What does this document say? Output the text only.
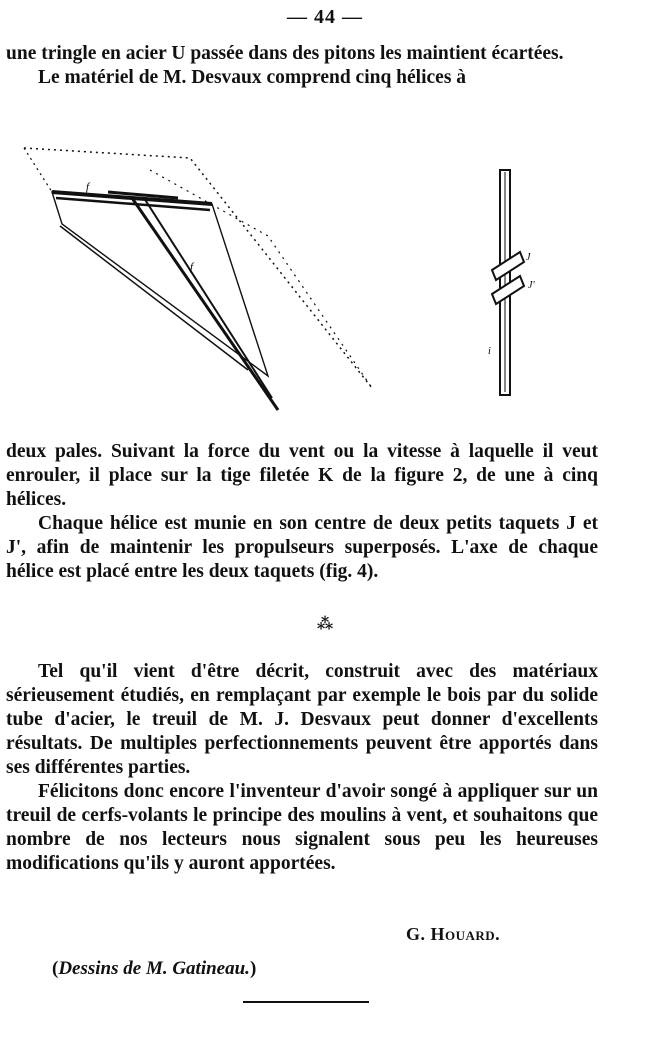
— 44 —

une tringle en acier U passée dans des pitons les maintient écartées.

Le matériel de M. Desvaux comprend cinq hélices à

f
f
J
J'
i

deux pales. Suivant la force du vent ou la vitesse à laquelle il veut enrouler, il place sur la tige filetée K de la figure 2, de une à cinq hélices.

Chaque hélice est munie en son centre de deux petits taquets J et J', afin de maintenir les propulseurs superposés. L'axe de chaque hélice est placé entre les deux taquets (fig. 4).

⁂

Tel qu'il vient d'être décrit, construit avec des matériaux sérieusement étudiés, en remplaçant par exemple le bois par du solide tube d'acier, le treuil de M. J. Desvaux peut donner d'excellents résultats. De multiples perfectionnements peuvent être apportés dans ses différentes parties.

Félicitons donc encore l'inventeur d'avoir songé à appliquer sur un treuil de cerfs-volants le principe des moulins à vent, et souhaitons que nombre de nos lecteurs nous signalent sous peu les heureuses modifications qu'ils y auront apportées.

G. Houard.
(Dessins de M. Gatineau.)
